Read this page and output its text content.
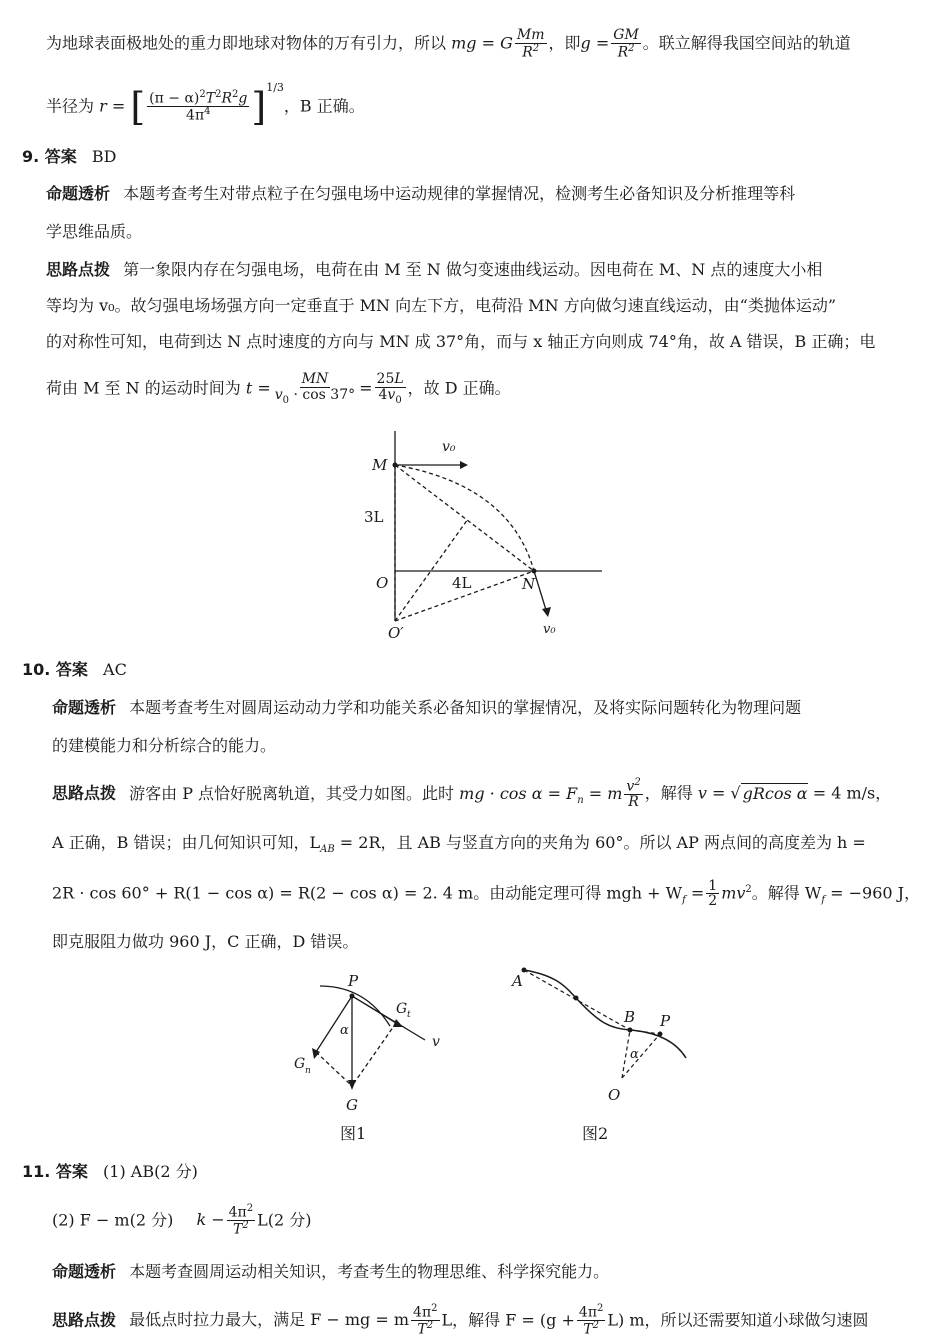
为地球表面极地处的重力即地球对物体的万有引力，所以 mg = G $\frac{Mm}{R^2}$ ，即$g = \frac{GM}{R^2}$ 。联立解得我国空间站的轨道
半径为 r = [ $\frac{(\pi - \alpha)^2T^2R^2g}{4\pi^4} ]^{1/3}$，B 正确。
9. 答案 BD
命题透析 本题考查考生对带点粒子在匀强电场中运动规律的掌握情况，检测考生必备知识及分析推理等科
学思维品质。
思路点拨 第一象限内存在匀强电场，电荷在由 M 至 N 做匀变速曲线运动。因电荷在 M、N 点的速度大小相
等均为 v₀。故匀强电场场强方向一定垂直于 MN 向左下方，电荷沿 MN 方向做匀速直线运动，由“类抛体运动”
的对称性可知，电荷到达 N 点时速度的方向与 MN 成 37°角，而与 x 轴正方向则成 74°角，故 A 错误，B 正确；电
荷由 M 至 N 的运动时间为 $t = \frac{MN}{v_0 \cdot \cos 37^\circ} = \frac{25L}{4v_0}$ ，故 D 正确。
M
v₀
3L
O	4L	N
O′	v₀
10. 答案 AC
命题透析 本题考查考生对圆周运动动力学和功能关系必备知识的掌握情况，及将实际问题转化为物理问题
的建模能力和分析综合的能力。
思路点拨 游客由 P 点恰好脱离轨道，其受力如图。此时 mg · $\cos \alpha = F_n = m \frac{v^2}{R}$ ，解得 v = √ gRcos α = 4 m/s，
A 正确，B 错误；由几何知识可知，$L_{AB} = 2R$，且 AB 与竖直方向的夹角为 60°。所以 AP 两点间的高度差为 h =
2R · cos 60° + R(1 − cos α) = R(2 − cos α) = 2. 4 m。由动能定理可得 mgh + $W_f = \frac{1}{2} mv^2$。解得 $W_f = -960$ J，
即克服阻力做功 960 J，C 正确，D 错误。
P
α
G t
v
G n
G
图1
A
B P
α
O
图2
11. 答案 (1) AB(2 分)
(2) F − m(2 分) $k - \frac{4\pi^2}{T^2} L(2$ 分)
命题透析 本题考查圆周运动相关知识，考查考生的物理思维、科学探究能力。
思路点拨 最低点时拉力最大，满足 F − mg = m $\frac{4\pi^2}{T^2}$ L，解得 $F = (g + \frac{4\pi^2}{T^2} L)$ m，所以还需要知道小球做匀速圆
